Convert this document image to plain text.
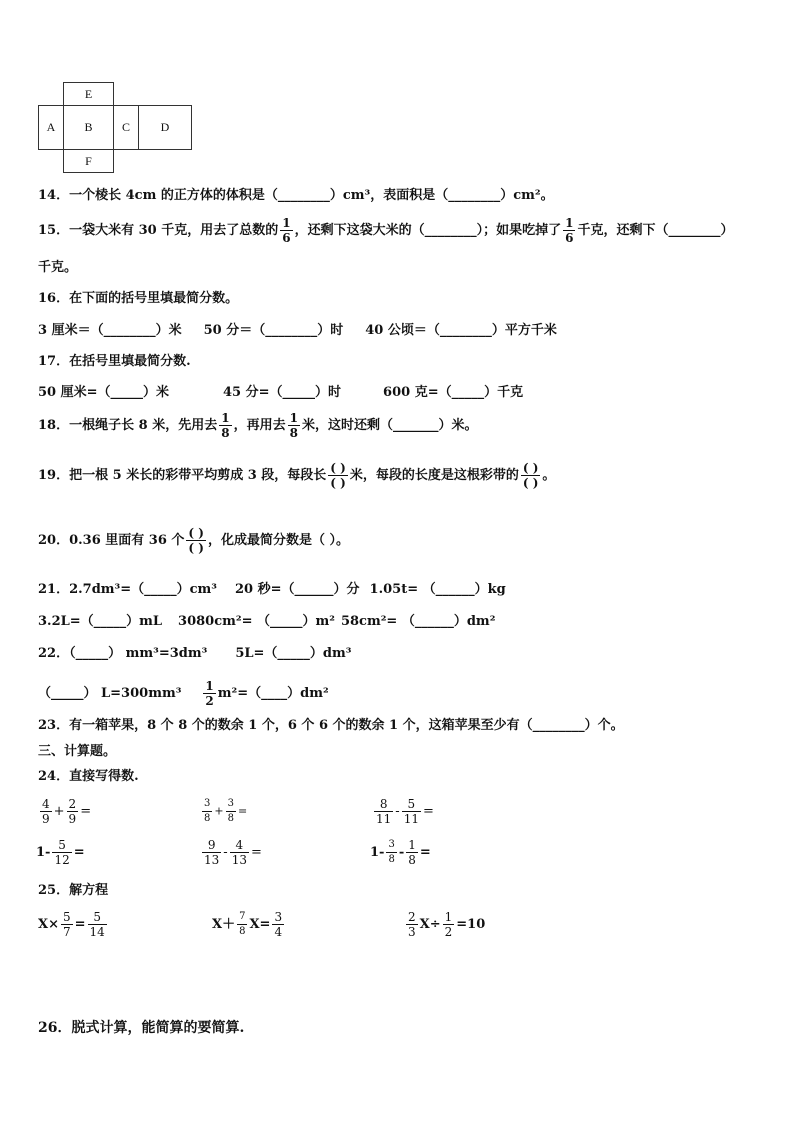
E
A	B	C	D
F
14．一个棱长 4cm 的正方体的体积是（________）cm³，表面积是（________）cm²。
15．一袋大米有 30 千克，用去了总数的 $\frac{1}{6}$ ，还剩下这袋大米的（________）；如果吃掉了 $\frac{1}{6}$ 千克，还剩下（________）
千克。
16．在下面的括号里填最简分数。
3 厘米＝（________）米 50 分＝（________）时 40 公顷＝（________）平方千米
17．在括号里填最简分数.
50 厘米=（_____）米	45 分=（_____）时	600 克=（_____）千克
18．一根绳子长 8 米，先用去 $\frac{1}{8}$ ，再用去 $\frac{1}{8}$ 米，这时还剩（_______）米。
19．把一根 5 米长的彩带平均剪成 3 段，每段长 $\frac{( )}{( )}$ 米，每段的长度是这根彩带的 $\frac{( )}{( )}$ 。
20．0.36 里面有 36 个 $\frac{( )}{( )}$ ，化成最简分数是（ ）。
21．2.7dm³=（_____）cm³ 20 秒=（______）分 1.05t= （______）kg
3.2L=（_____）mL 3080cm²= （_____）m² 58cm²= （______）dm²
22．（_____） mm³=3dm³ 5L=（_____）dm³
（_____） $L=300mm^3 \frac{1}{2}$ m²=（____）dm²
23．有一箱苹果，8 个 8 个的数余 1 个，6 个 6 个的数余 1 个，这箱苹果至少有（________）个。
三、计算题。
24．直接写得数.
$\frac{4}{9} + \frac{2}{9}$ =	$\frac{3}{8} + \frac{3}{8}$ =	$\frac{8}{11} - \frac{5}{11}$ =
$1- \frac{5}{12}$ =	$\frac{9}{13} - \frac{4}{13}$ =	$1- \frac{3}{8} - \frac{1}{8}$ =
25．解方程
$X\times \frac{5}{7} = \frac{5}{14}$	$X+ \frac{7}{8} X= \frac{3}{4}$	$\frac{2}{3} X\div \frac{1}{2} =10$
26．脱式计算，能简算的要简算.
